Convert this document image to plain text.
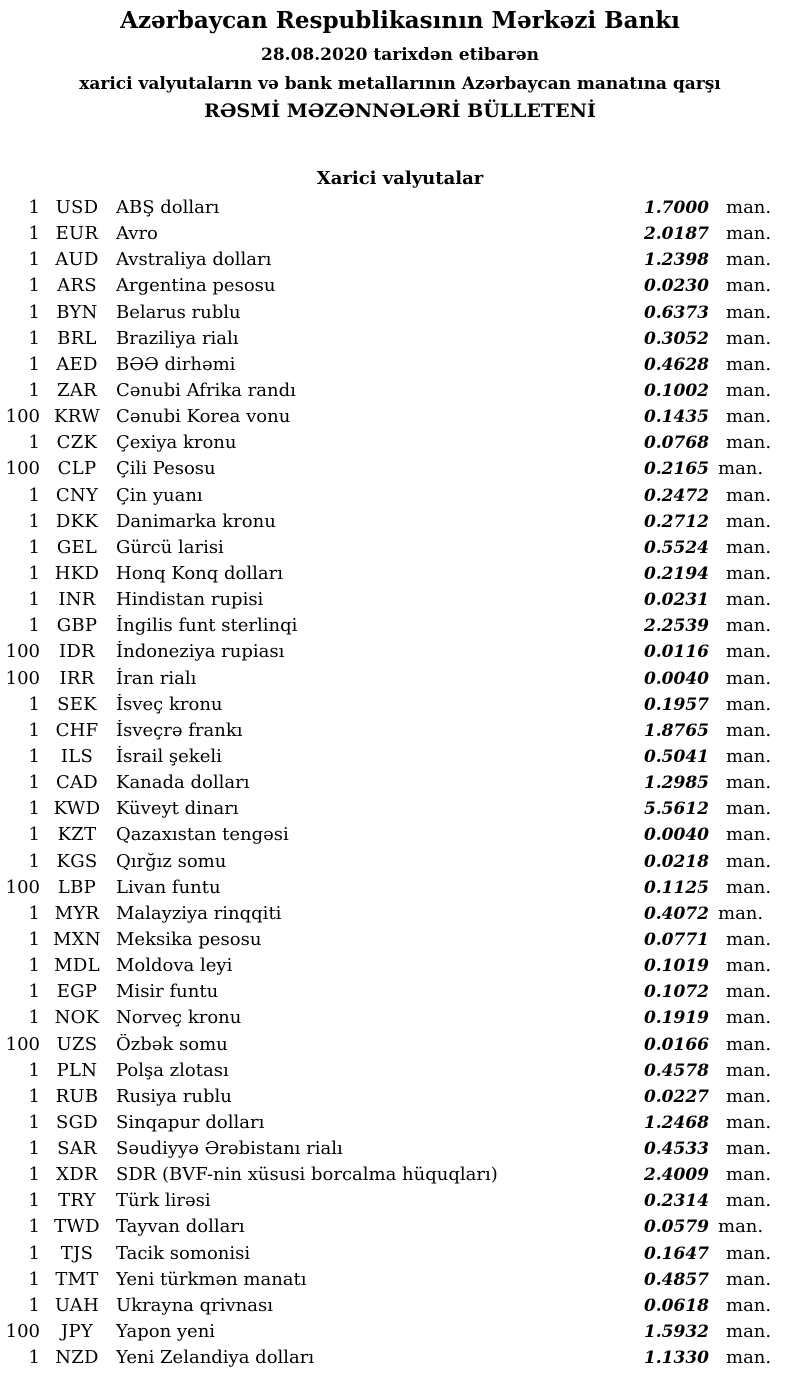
Azərbaycan Respublikasının Mərkəzi Bankı
28.08.2020 tarixdən etibarən
xarici valyutaların və bank metallarının Azərbaycan manatına qarşı
RƏSMİ MƏZƏNNƏLƏRİ BÜLLETENİ
Xarici valyutalar
1 USD ABŞ dolları	1.7000 man.
1 EUR Avro	2.0187 man.
1 AUD Avstraliya dolları	1.2398 man.
1 ARS	Argentina pesosu	0.0230 man.
1 BYN	Belarus rublu	0.6373 man.
1 BRL	Braziliya rialı	0.3052 man.
1 AED	BƏƏ dirhəmi	0.4628 man.
1 ZAR	Cənubi Afrika randı	0.1002 man.
100 KRW Cənubi Korea vonu	0.1435 man.
1 CZK	Çexiya kronu	0.0768 man.
100 CLP	Çili Pesosu	0.2165 man.
1 CNY Çin yuanı	0.2472 man.
1 DKK Danimarka kronu	0.2712 man.
1 GEL	Gürcü larisi	0.5524 man.
1 HKD Honq Konq dolları	0.2194 man.
1	INR	Hindistan rupisi	0.0231 man.
1 GBP	İngilis funt sterlinqi	2.2539 man.
100	IDR	İndoneziya rupiası	0.0116 man.
100	IRR	İran rialı	0.0040 man.
1 SEK	İsveç kronu	0.1957 man.
1 CHF İsveçrə frankı	1.8765 man.
1	ILS	İsrail şekeli	0.5041 man.
1 CAD Kanada dolları	1.2985 man.
1 KWD Küveyt dinarı	5.5612 man.
1 KZT	Qazaxıstan tengəsi	0.0040 man.
1 KGS	Qırğız somu	0.0218 man.
100 LBP	Livan funtu	0.1125 man.
1 MYR Malayziya rinqqiti	0.4072 man.
1 MXN Meksika pesosu	0.0771 man.
1 MDL Moldova leyi	0.1019 man.
1 EGP	Misir funtu	0.1072 man.
1 NOK Norveç kronu	0.1919 man.
100 UZS	Özbək somu	0.0166 man.
1 PLN	Polşa zlotası	0.4578 man.
1 RUB Rusiya rublu	0.0227 man.
1 SGD Sinqapur dolları	1.2468 man.
1 SAR	Səudiyyə Ərəbistanı rialı	0.4533 man.
1 XDR	SDR (BVF-nin xüsusi borcalma hüquqları)	2.4009 man.
1	TRY	Türk lirəsi	0.2314 man.
1 TWD Tayvan dolları	0.0579 man.
1	TJS	Tacik somonisi	0.1647 man.
1 TMT Yeni türkmən manatı	0.4857 man.
1 UAH Ukrayna qrivnası	0.0618 man.
100	JPY	Yapon yeni	1.5932 man.
1 NZD Yeni Zelandiya dolları	1.1330 man.
